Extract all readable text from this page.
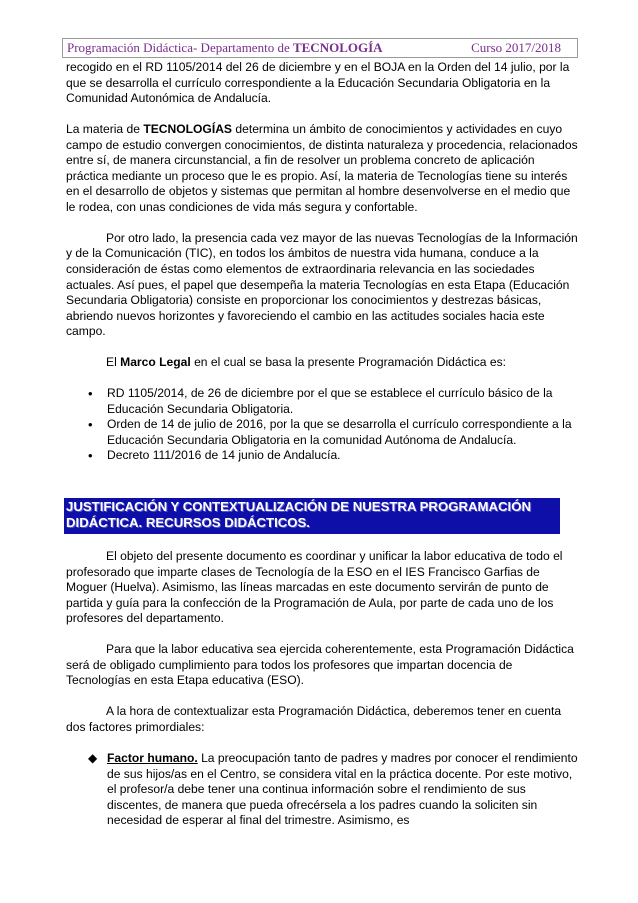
Programación Didáctica- Departamento de TECNOLOGÍA	Curso 2017/2018

recogido en el RD 1105/2014 del 26 de diciembre y en el BOJA en la Orden del 14 julio, por la que se desarrolla el currículo correspondiente a la Educación Secundaria Obligatoria en la Comunidad Autonómica de Andalucía.

La materia de TECNOLOGÍAS determina un ámbito de conocimientos y actividades en cuyo campo de estudio convergen conocimientos, de distinta naturaleza y procedencia, relacionados entre sí, de manera circunstancial, a fin de resolver un problema concreto de aplicación práctica mediante un proceso que le es propio. Así, la materia de Tecnologías tiene su interés en el desarrollo de objetos y sistemas que permitan al hombre desenvolverse en el medio que le rodea, con unas condiciones de vida más segura y confortable.

Por otro lado, la presencia cada vez mayor de las nuevas Tecnologías de la Información y de la Comunicación (TIC), en todos los ámbitos de nuestra vida humana, conduce a la consideración de éstas como elementos de extraordinaria relevancia en las sociedades actuales. Así pues, el papel que desempeña la materia Tecnologías en esta Etapa (Educación Secundaria Obligatoria) consiste en proporcionar los conocimientos y destrezas básicas, abriendo nuevos horizontes y favoreciendo el cambio en las actitudes sociales hacia este campo.

El Marco Legal en el cual se basa la presente Programación Didáctica es:

• RD 1105/2014, de 26 de diciembre por el que se establece el currículo básico de la Educación Secundaria Obligatoria.
• Orden de 14 de julio de 2016, por la que se desarrolla el currículo correspondiente a la Educación Secundaria Obligatoria en la comunidad Autónoma de Andalucía.
• Decreto 111/2016 de 14 junio de Andalucía.
JUSTIFICACIÓN Y CONTEXTUALIZACIÓN DE NUESTRA PROGRAMACIÓN DIDÁCTICA. RECURSOS DIDÁCTICOS.

El objeto del presente documento es coordinar y unificar la labor educativa de todo el profesorado que imparte clases de Tecnología de la ESO en el IES Francisco Garfias de Moguer (Huelva). Asimismo, las líneas marcadas en este documento servirán de punto de partida y guía para la confección de la Programación de Aula, por parte de cada uno de los profesores del departamento.

Para que la labor educativa sea ejercida coherentemente, esta Programación Didáctica será de obligado cumplimiento para todos los profesores que impartan docencia de Tecnologías en esta Etapa educativa (ESO).

A la hora de contextualizar esta Programación Didáctica, deberemos tener en cuenta dos factores primordiales:

◆ Factor humano. La preocupación tanto de padres y madres por conocer el rendimiento de sus hijos/as en el Centro, se considera vital en la práctica docente. Por este motivo, el profesor/a debe tener una continua información sobre el rendimiento de sus discentes, de manera que pueda ofrecérsela a los padres cuando la soliciten sin necesidad de esperar al final del trimestre. Asimismo, es
